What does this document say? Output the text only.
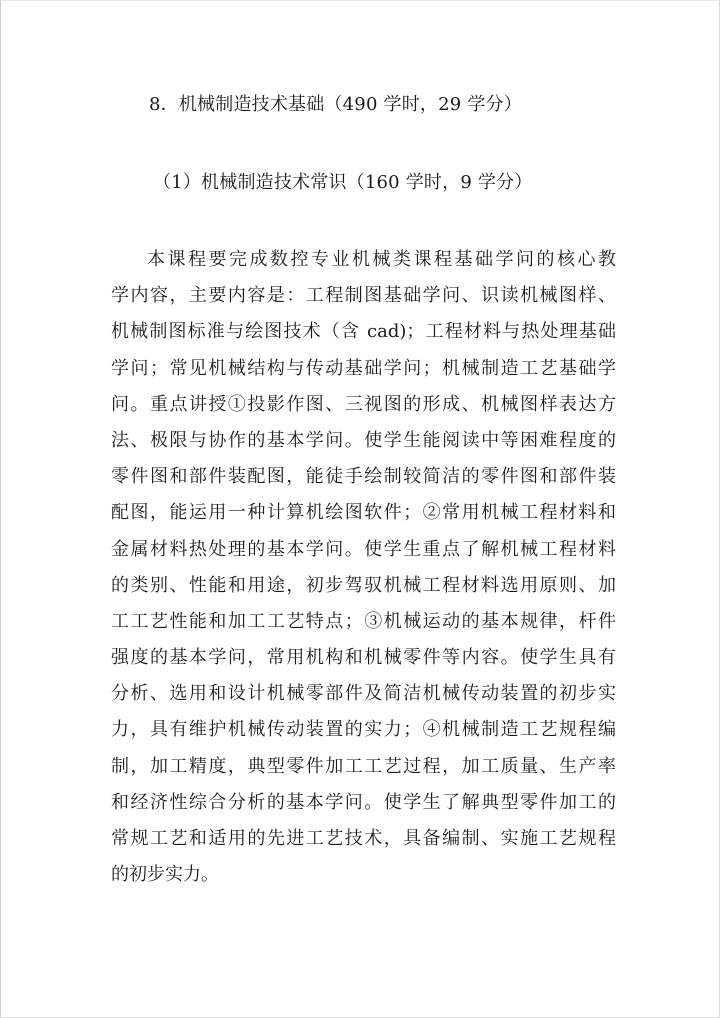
8．机械制造技术基础（490 学时，29 学分）
（1）机械制造技术常识（160 学时，9 学分）
本课程要完成数控专业机械类课程基础学问的核心教
学内容，主要内容是：工程制图基础学问、识读机械图样、
机械制图标准与绘图技术（含 cad)；工程材料与热处理基础
学问；常见机械结构与传动基础学问；机械制造工艺基础学
问。重点讲授①投影作图、三视图的形成、机械图样表达方
法、极限与协作的基本学问。使学生能阅读中等困难程度的
零件图和部件装配图，能徒手绘制较简洁的零件图和部件装
配图，能运用一种计算机绘图软件；②常用机械工程材料和
金属材料热处理的基本学问。使学生重点了解机械工程材料
的类别、性能和用途，初步驾驭机械工程材料选用原则、加
工工艺性能和加工工艺特点；③机械运动的基本规律，杆件
强度的基本学问，常用机构和机械零件等内容。使学生具有
分析、选用和设计机械零部件及简洁机械传动装置的初步实
力，具有维护机械传动装置的实力；④机械制造工艺规程编
制，加工精度，典型零件加工工艺过程，加工质量、生产率
和经济性综合分析的基本学问。使学生了解典型零件加工的
常规工艺和适用的先进工艺技术，具备编制、实施工艺规程
的初步实力。
